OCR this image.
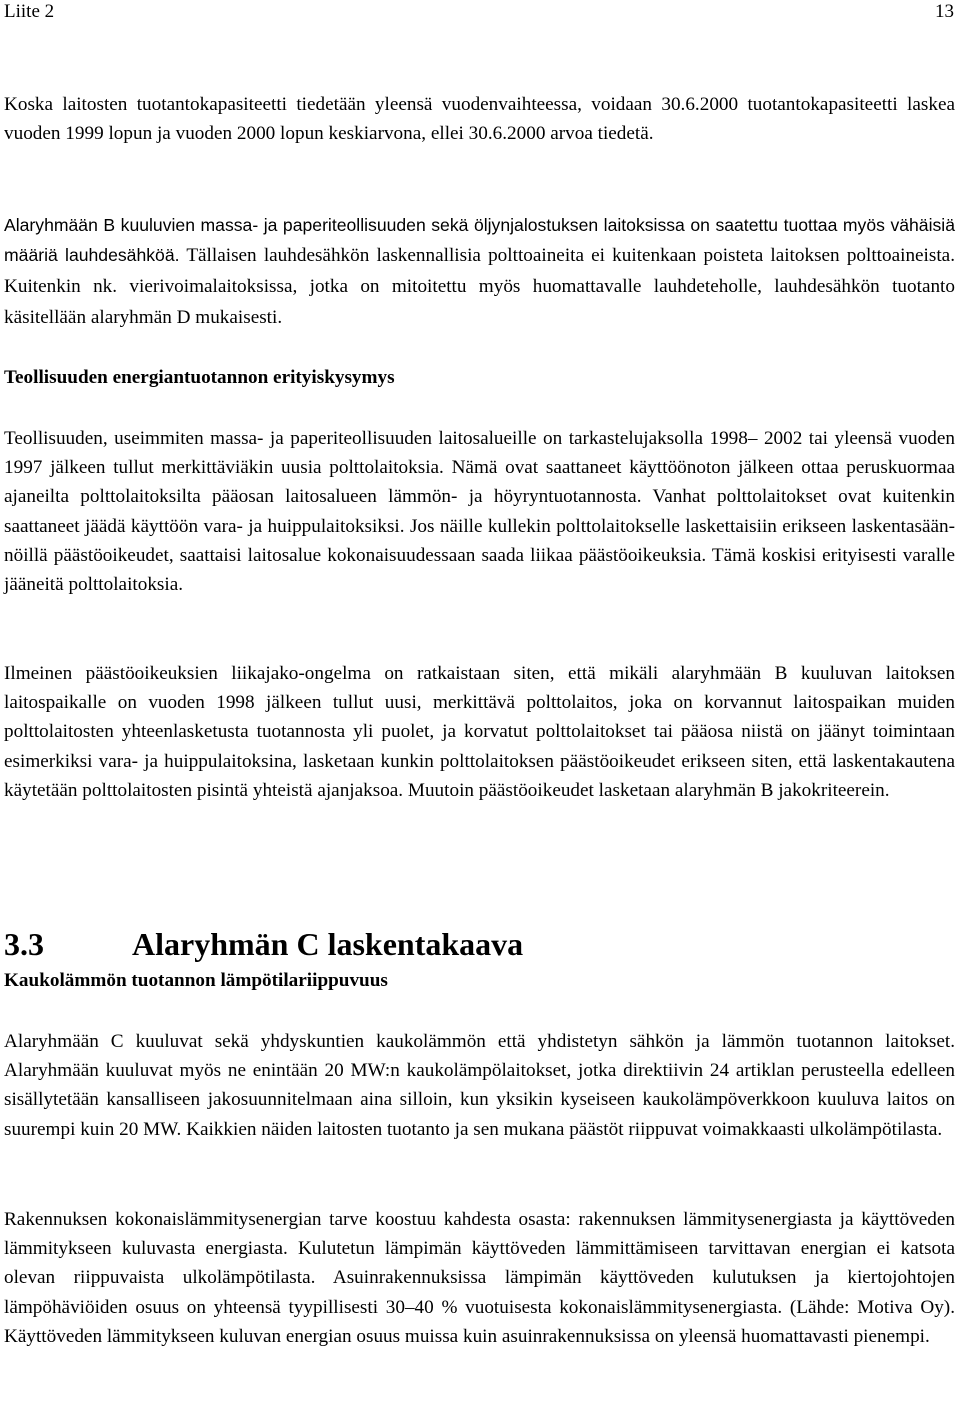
Liite 2	13

Koska laitosten tuotantokapasiteetti tiedetään yleensä vuodenvaihteessa, voidaan 30.6.2000 tuotantokapasiteetti laskea vuoden 1999 lopun ja vuoden 2000 lopun keskiarvona, ellei 30.6.2000 arvoa tiedetä.

Alaryhmään B kuuluvien massa- ja paperiteollisuuden sekä öljynjalostuksen laitoksissa on saatettu tuottaa myös vähäisiä määriä lauhdesähköä. Tällaisen lauhdesähkön laskennallisia polttoaineita ei kuitenkaan poisteta laitoksen polttoaineista. Kuitenkin nk. vierivoimalaitoksissa, jotka on mitoitettu myös huomattavalle lauhdeteholle, lauhdesähkön tuotanto käsitellään alaryhmän D mukaisesti.

Teollisuuden energiantuotannon erityiskysymys

Teollisuuden, useimmiten massa- ja paperiteollisuuden laitosalueille on tarkastelujaksolla 1998– 2002 tai yleensä vuoden 1997 jälkeen tullut merkittäviäkin uusia polttolaitoksia. Nämä ovat saattaneet käyttöönoton jälkeen ottaa peruskuormaa ajaneilta polttolaitoksilta pääosan laitosalueen lämmön- ja höyryntuotannosta. Vanhat polttolaitokset ovat kuitenkin saattaneet jäädä käyttöön vara- ja huippulaitoksiksi. Jos näille kullekin polttolaitokselle laskettaisiin erikseen laskentasäännöillä päästöoikeudet, saattaisi laitosalue kokonaisuudessaan saada liikaa päästöoikeuksia. Tämä koskisi erityisesti varalle jääneitä polttolaitoksia.

Ilmeinen päästöoikeuksien liikajako-ongelma on ratkaistaan siten, että mikäli alaryhmään B kuuluvan laitoksen laitospaikalle on vuoden 1998 jälkeen tullut uusi, merkittävä polttolaitos, joka on korvannut laitospaikan muiden polttolaitosten yhteenlasketusta tuotannosta yli puolet, ja korvatut polttolaitokset tai pääosa niistä on jäänyt toimintaan esimerkiksi vara- ja huippulaitoksina, lasketaan kunkin polttolaitoksen päästöoikeudet erikseen siten, että laskentakautena käytetään polttolaitosten pisintä yhteistä ajanjaksoa. Muutoin päästöoikeudet lasketaan alaryhmän B jakokriteerein.

3.3	Alaryhmän C laskentakaava
Kaukolämmön tuotannon lämpötilariippuvuus

Alaryhmään C kuuluvat sekä yhdyskuntien kaukolämmön että yhdistetyn sähkön ja lämmön tuotannon laitokset. Alaryhmään kuuluvat myös ne enintään 20 MW:n kaukolämpölaitokset, jotka direktiivin 24 artiklan perusteella edelleen sisällytetään kansalliseen jakosuunnitelmaan aina silloin, kun yksikin kyseiseen kaukolämpöverkkoon kuuluva laitos on suurempi kuin 20 MW. Kaikkien näiden laitosten tuotanto ja sen mukana päästöt riippuvat voimakkaasti ulkolämpötilasta.

Rakennuksen kokonaislämmitysenergian tarve koostuu kahdesta osasta: rakennuksen lämmitysenergiasta ja käyttöveden lämmitykseen kuluvasta energiasta. Kulutetun lämpimän käyttöveden lämmittämiseen tarvittavan energian ei katsota olevan riippuvaista ulkolämpötilasta. Asuinrakennuksissa lämpimän käyttöveden kulutuksen ja kiertojohtojen lämpöhäviöiden osuus on yhteensä tyypillisesti 30–40 % vuotuisesta kokonaislämmitysenergiasta. (Lähde: Motiva Oy). Käyttöveden lämmitykseen kuluvan energian osuus muissa kuin asuinrakennuksissa on yleensä huomattavasti pienempi.
